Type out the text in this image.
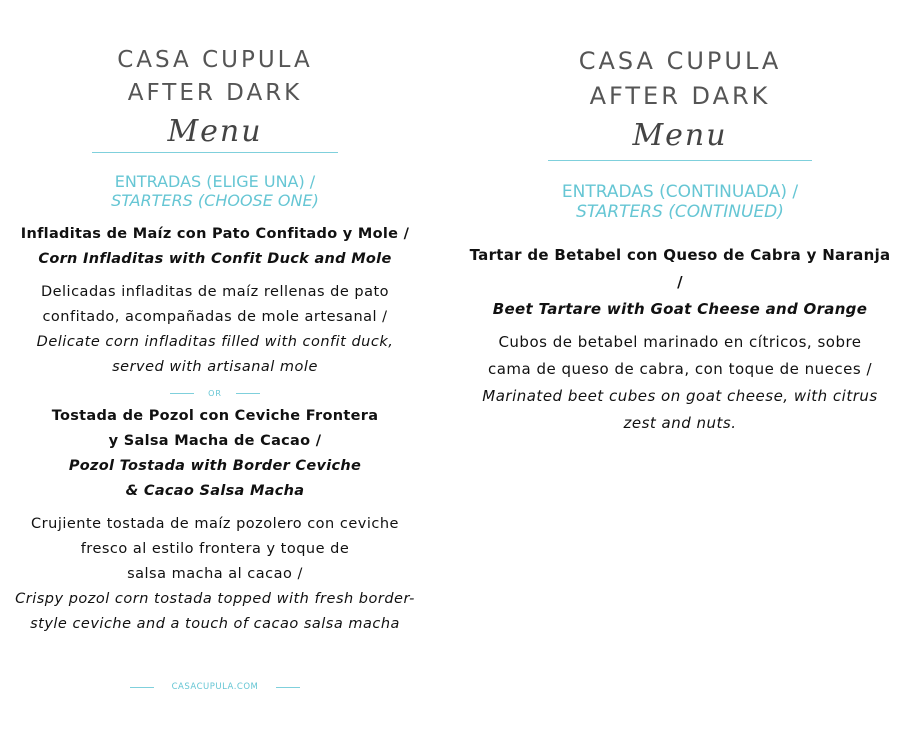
CASA CUPULA
AFTER DARK
Menu
ENTRADAS (ELIGE UNA) /
STARTERS (CHOOSE ONE)
Infladitas de Maíz con Pato Confitado y Mole /
Corn Infladitas with Confit Duck and Mole
Delicadas infladitas de maíz rellenas de pato
confitado, acompañadas de mole artesanal /
Delicate corn infladitas filled with confit duck,
served with artisanal mole
OR
Tostada de Pozol con Ceviche Frontera
y Salsa Macha de Cacao /
Pozol Tostada with Border Ceviche
& Cacao Salsa Macha
Crujiente tostada de maíz pozolero con ceviche
fresco al estilo frontera y toque de
salsa macha al cacao /
Crispy pozol corn tostada topped with fresh border-
style ceviche and a touch of cacao salsa macha
CASACUPULA.COM
CASA CUPULA
AFTER DARK
Menu
ENTRADAS (CONTINUADA) /
STARTERS (CONTINUED)
Tartar de Betabel con Queso de Cabra y Naranja
/
Beet Tartare with Goat Cheese and Orange
Cubos de betabel marinado en cítricos, sobre
cama de queso de cabra, con toque de nueces /
Marinated beet cubes on goat cheese, with citrus
zest and nuts.
